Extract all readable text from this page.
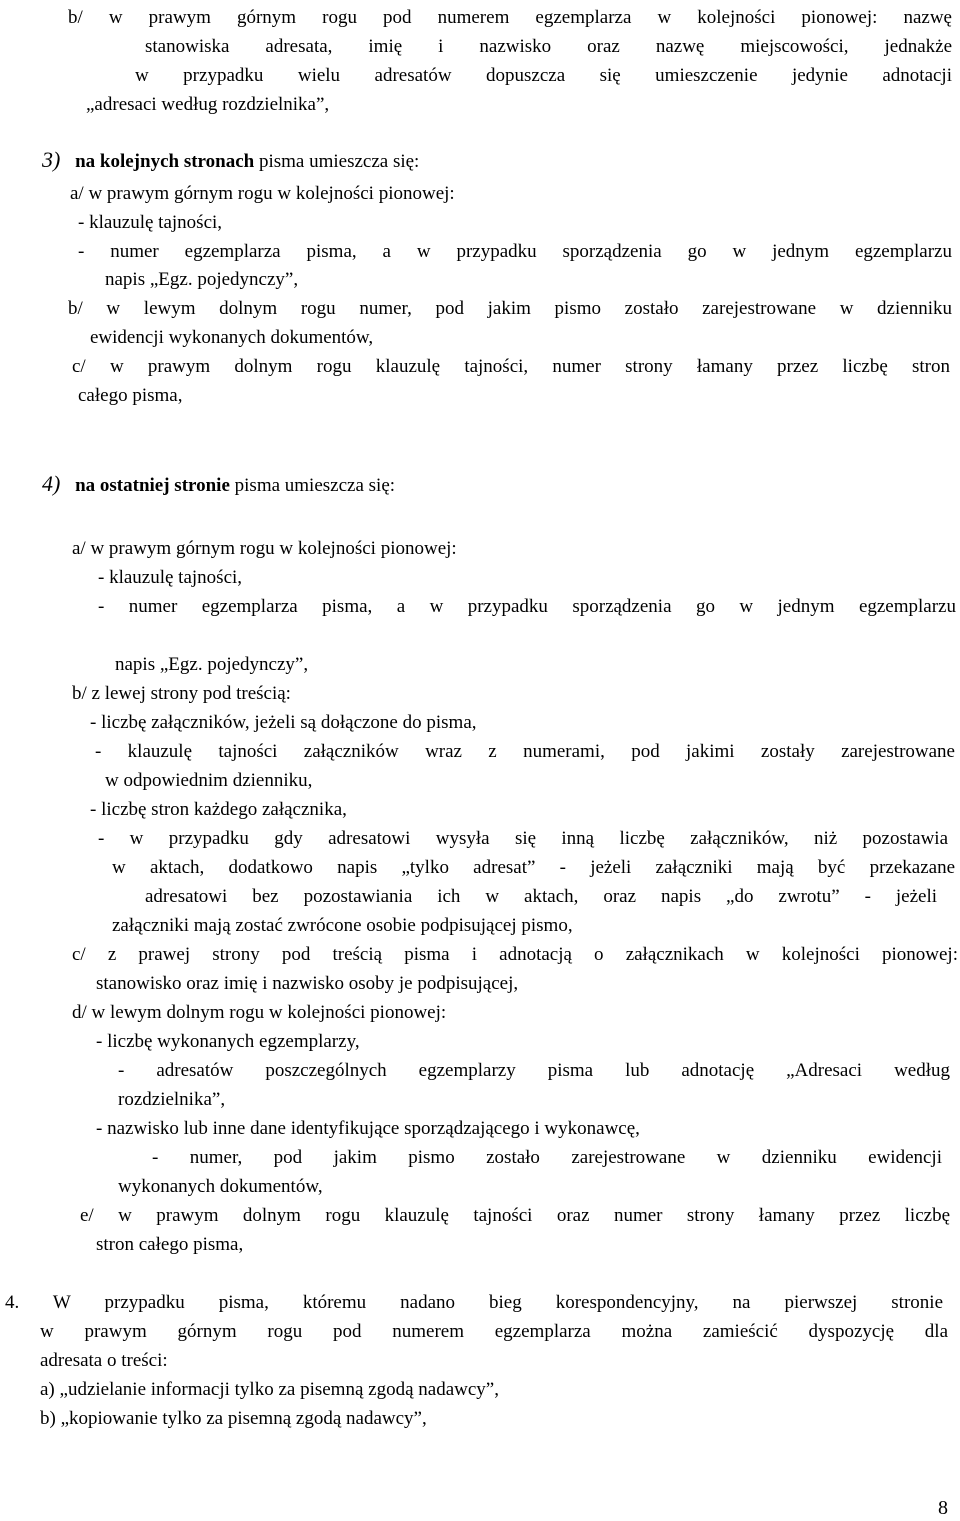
b/ w prawym górnym rogu pod numerem egzemplarza w kolejności pionowej: nazwę
stanowiska adresata, imię i nazwisko oraz nazwę miejscowości, jednakże
w przypadku wielu adresatów dopuszcza się umieszczenie jedynie adnotacji
„adresaci według rozdzielnika”,
3) na kolejnych stronach pisma umieszcza się:
a/ w prawym górnym rogu w kolejności pionowej:
- klauzulę tajności,
- numer egzemplarza pisma, a w przypadku sporządzenia go w jednym egzemplarzu
napis „Egz. pojedynczy”,
b/ w lewym dolnym rogu numer, pod jakim pismo zostało zarejestrowane w dzienniku
ewidencji wykonanych dokumentów,
c/ w prawym dolnym rogu klauzulę tajności, numer strony łamany przez liczbę stron
całego pisma,
4) na ostatniej stronie pisma umieszcza się:
a/ w prawym górnym rogu w kolejności pionowej:
- klauzulę tajności,
- numer egzemplarza pisma, a w przypadku sporządzenia go w jednym egzemplarzu
napis „Egz. pojedynczy”,
b/ z lewej strony pod treścią:
- liczbę załączników, jeżeli są dołączone do pisma,
- klauzulę tajności załączników wraz z numerami, pod jakimi zostały zarejestrowane
w odpowiednim dzienniku,
- liczbę stron każdego załącznika,
- w przypadku gdy adresatowi wysyła się inną liczbę załączników, niż pozostawia
w aktach, dodatkowo napis „tylko adresat” - jeżeli załączniki mają być przekazane
adresatowi bez pozostawiania ich w aktach, oraz napis „do zwrotu” - jeżeli
załączniki mają zostać zwrócone osobie podpisującej pismo,
c/ z prawej strony pod treścią pisma i adnotacją o załącznikach w kolejności pionowej:
stanowisko oraz imię i nazwisko osoby je podpisującej,
d/ w lewym dolnym rogu w kolejności pionowej:
- liczbę wykonanych egzemplarzy,
- adresatów poszczególnych egzemplarzy pisma lub adnotację „Adresaci według
rozdzielnika”,
- nazwisko lub inne dane identyfikujące sporządzającego i wykonawcę,
- numer, pod jakim pismo zostało zarejestrowane w dzienniku ewidencji
wykonanych dokumentów,
e/ w prawym dolnym rogu klauzulę tajności oraz numer strony łamany przez liczbę
stron całego pisma,
4. W przypadku pisma, któremu nadano bieg korespondencyjny, na pierwszej stronie
w prawym górnym rogu pod numerem egzemplarza można zamieścić dyspozycję dla
adresata o treści:
a) „udzielanie informacji tylko za pisemną zgodą nadawcy”,
b) „kopiowanie tylko za pisemną zgodą nadawcy”,
8
